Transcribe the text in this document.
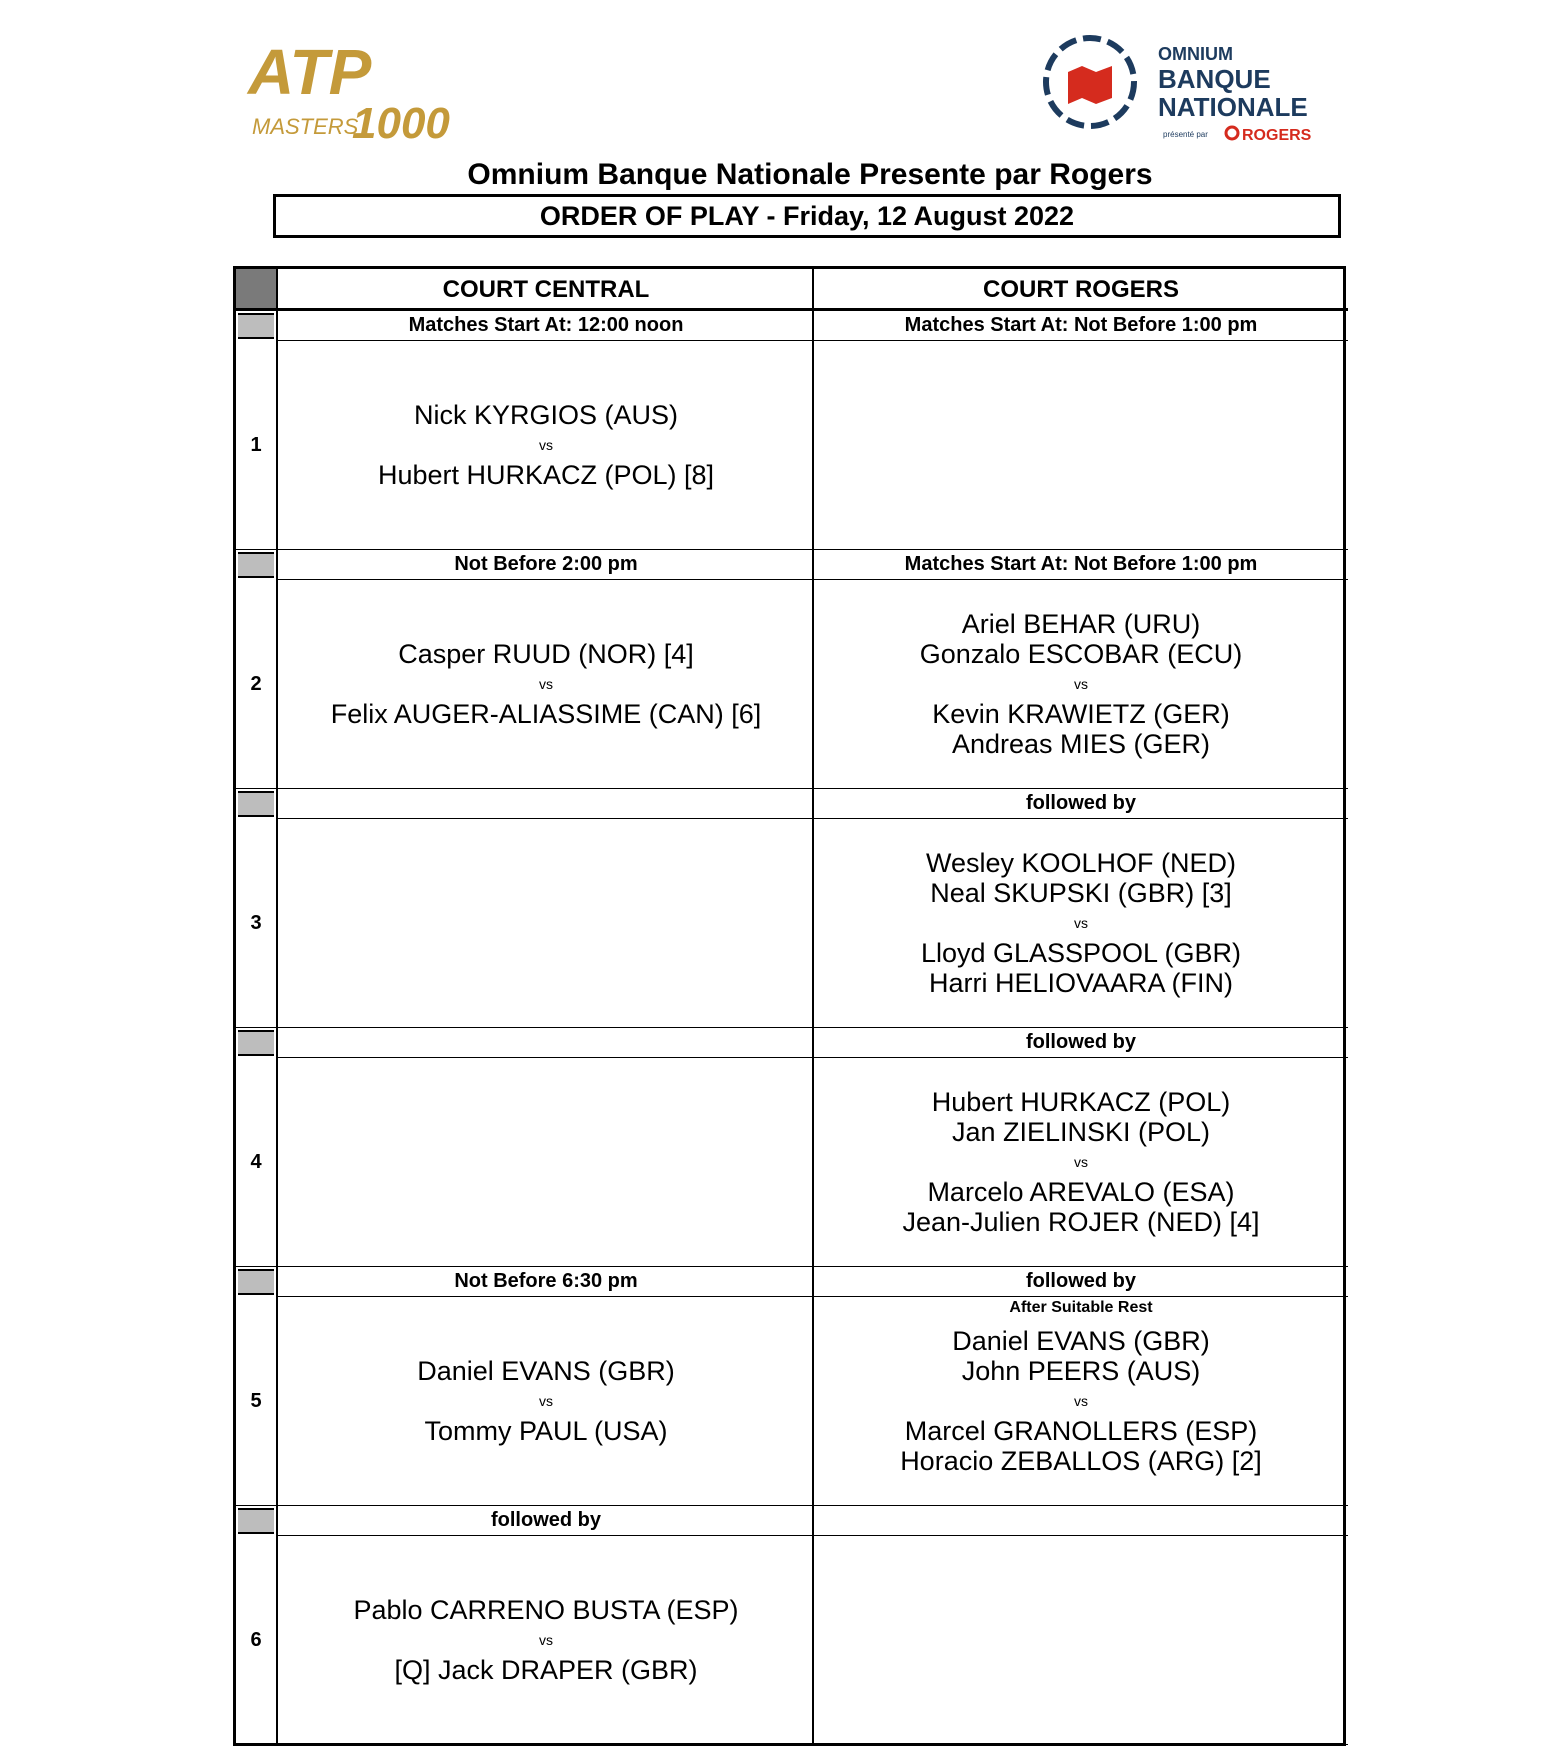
ATP
MASTERS
1000
OMNIUM
BANQUE
NATIONALE
présenté par ROGERS
Omnium Banque Nationale Presente par Rogers
ORDER OF PLAY - Friday, 12 August 2022
1
2
3
4
5
6
COURT CENTRAL
Matches Start At: 12:00 noon
Nick KYRGIOS (AUS)
vs
Hubert HURKACZ (POL) [8]
Not Before 2:00 pm
Casper RUUD (NOR) [4]
vs
Felix AUGER-ALIASSIME (CAN) [6]
Not Before 6:30 pm
Daniel EVANS (GBR)
vs
Tommy PAUL (USA)
followed by
Pablo CARRENO BUSTA (ESP)
vs
[Q] Jack DRAPER (GBR)
COURT ROGERS
Matches Start At: Not Before 1:00 pm
Matches Start At: Not Before 1:00 pm
Ariel BEHAR (URU)
Gonzalo ESCOBAR (ECU)
vs
Kevin KRAWIETZ (GER)
Andreas MIES (GER)
followed by
Wesley KOOLHOF (NED)
Neal SKUPSKI (GBR) [3]
vs
Lloyd GLASSPOOL (GBR)
Harri HELIOVAARA (FIN)
followed by
Hubert HURKACZ (POL)
Jan ZIELINSKI (POL)
vs
Marcelo AREVALO (ESA)
Jean-Julien ROJER (NED) [4]
followed by
After Suitable Rest
Daniel EVANS (GBR)
John PEERS (AUS)
vs
Marcel GRANOLLERS (ESP)
Horacio ZEBALLOS (ARG) [2]
